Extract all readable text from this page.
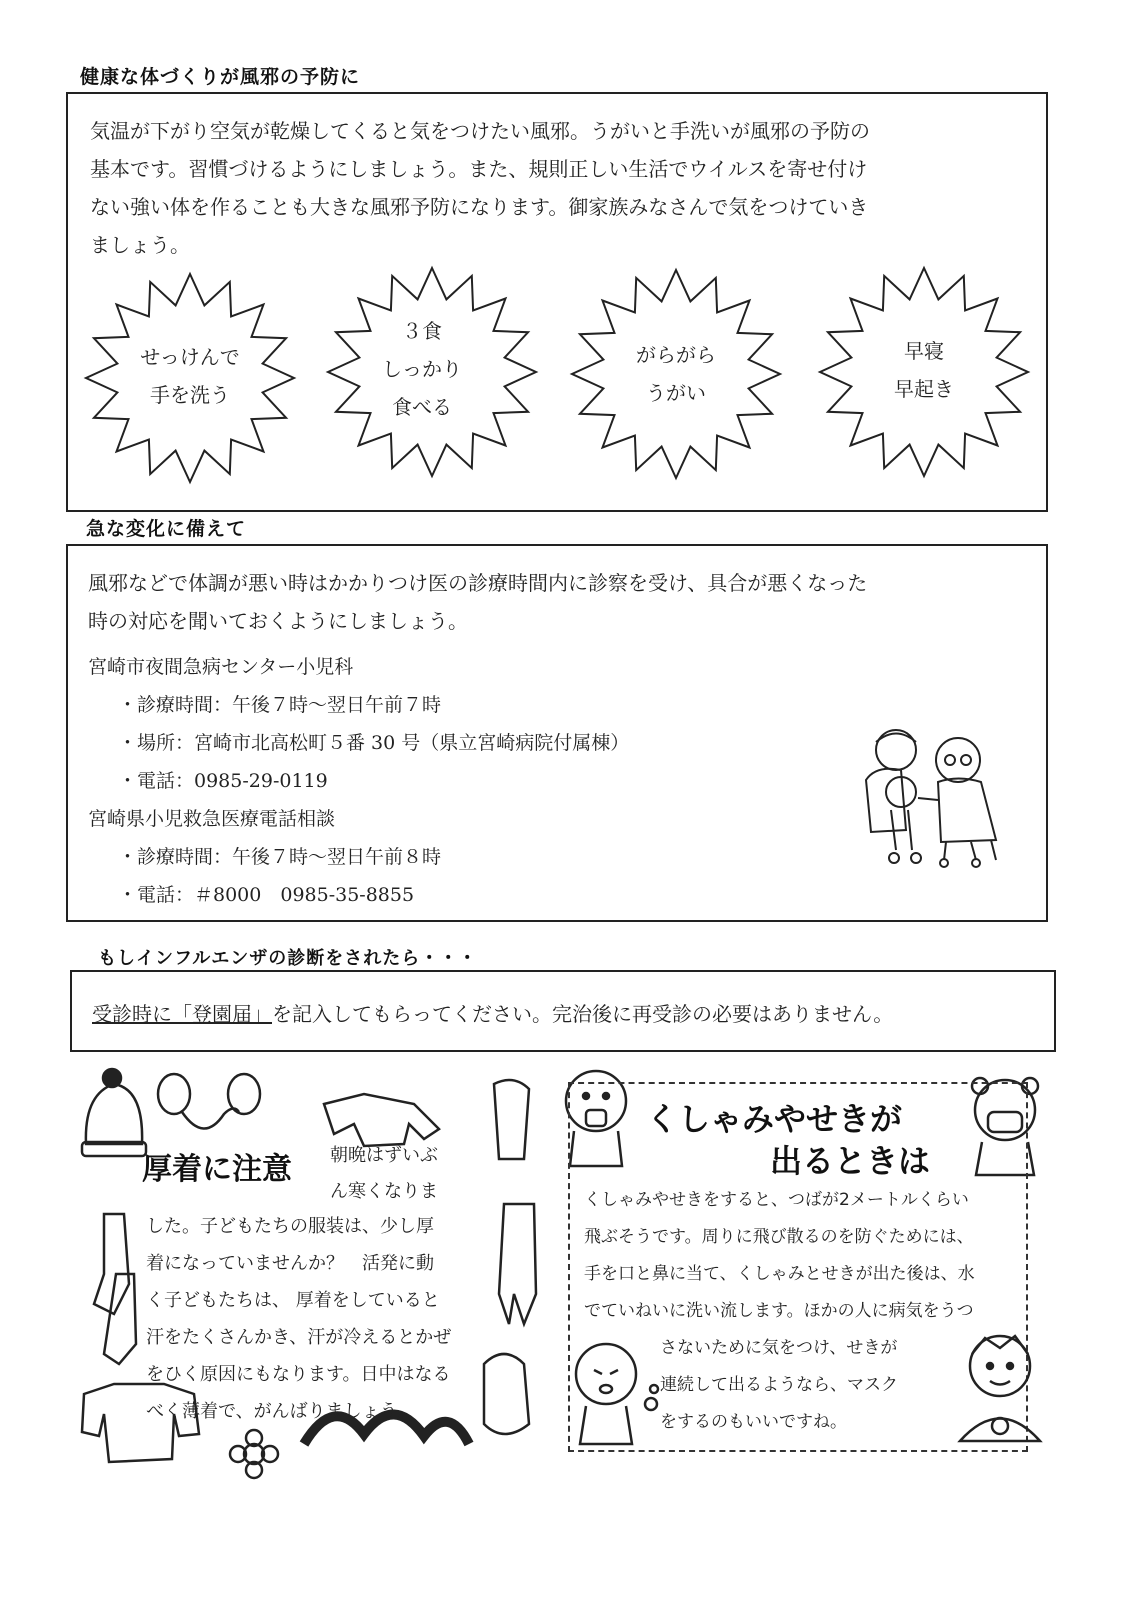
健康な体づくりが風邪の予防に
気温が下がり空気が乾燥してくると気をつけたい風邪。うがいと手洗いが風邪の予防の
基本です。習慣づけるようにしましょう。また、規則正しい生活でウイルスを寄せ付け
ない強い体を作ることも大きな風邪予防になります。御家族みなさんで気をつけていき
ましょう。
せっけんで
手を洗う
３食
しっかり
食べる
がらがら
うがい
早寝
早起き
急な変化に備えて
風邪などで体調が悪い時はかかりつけ医の診療時間内に診察を受け、具合が悪くなった
時の対応を聞いておくようにしましょう。
宮崎市夜間急病センター小児科
・診療時間：午後７時～翌日午前７時
・場所：宮崎市北高松町５番 30 号（県立宮崎病院付属棟）
・電話：0985-29-0119
宮崎県小児救急医療電話相談
・診療時間：午後７時～翌日午前８時
・電話：＃8000　0985-35-8855
もしインフルエンザの診断をされたら・・・
受診時に「登園届」を記入してもらってください。完治後に再受診の必要はありません。
厚着に注意 朝晩はずいぶ
ん寒くなりま
した。子どもたちの服装は、少し厚
着になっていませんか？　活発に動
く子どもたちは、 厚着をしていると
汗をたくさんかき、汗が冷えるとかぜ
をひく原因にもなります。日中はなる
べく薄着で、がんばりましょう。
くしゃみやせきが
出るときは
くしゃみやせきをすると、つばが2メートルくらい
飛ぶそうです。周りに飛び散るのを防ぐためには、
手を口と鼻に当て、くしゃみとせきが出た後は、水
でていねいに洗い流します。ほかの人に病気をうつ
さないために気をつけ、せきが
連続して出るようなら、マスク
をするのもいいですね。
